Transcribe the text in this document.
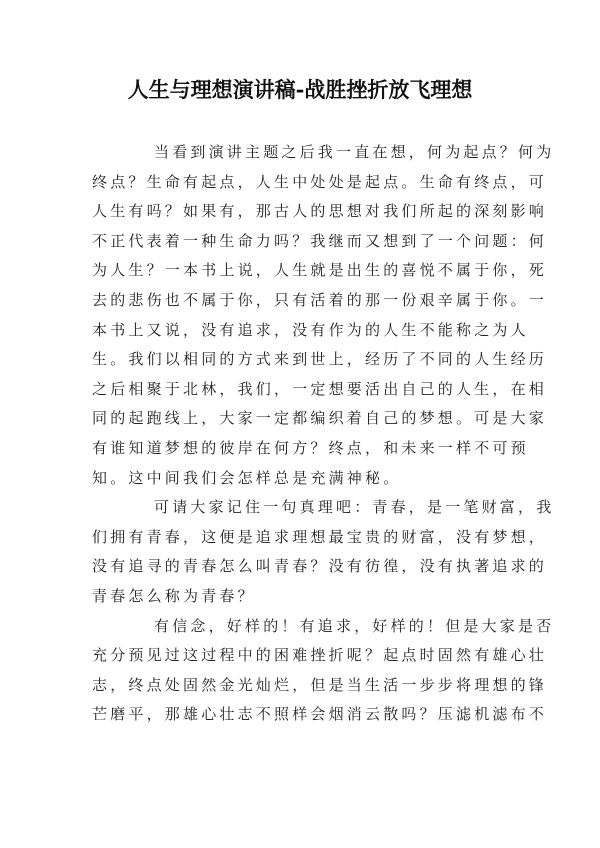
人生与理想演讲稿-战胜挫折放飞理想

当看到演讲主题之后我一直在想，何为起点？何为
终点？生命有起点，人生中处处是起点。生命有终点，可
人生有吗？如果有，那古人的思想对我们所起的深刻影响
不正代表着一种生命力吗？我继而又想到了一个问题：何
为人生？一本书上说，人生就是出生的喜悦不属于你，死
去的悲伤也不属于你，只有活着的那一份艰辛属于你。一
本书上又说，没有追求，没有作为的人生不能称之为人
生。我们以相同的方式来到世上，经历了不同的人生经历
之后相聚于北林，我们，一定想要活出自己的人生，在相
同的起跑线上，大家一定都编织着自己的梦想。可是大家
有谁知道梦想的彼岸在何方？终点，和未来一样不可预
知。这中间我们会怎样总是充满神秘。

可请大家记住一句真理吧：青春，是一笔财富，我
们拥有青春，这便是追求理想最宝贵的财富，没有梦想，
没有追寻的青春怎么叫青春？没有彷徨，没有执著追求的
青春怎么称为青春？

有信念，好样的！有追求，好样的！但是大家是否
充分预见过这过程中的困难挫折呢？起点时固然有雄心壮
志，终点处固然金光灿烂，但是当生活一步步将理想的锋
芒磨平，那雄心壮志不照样会烟消云散吗？压滤机滤布不
